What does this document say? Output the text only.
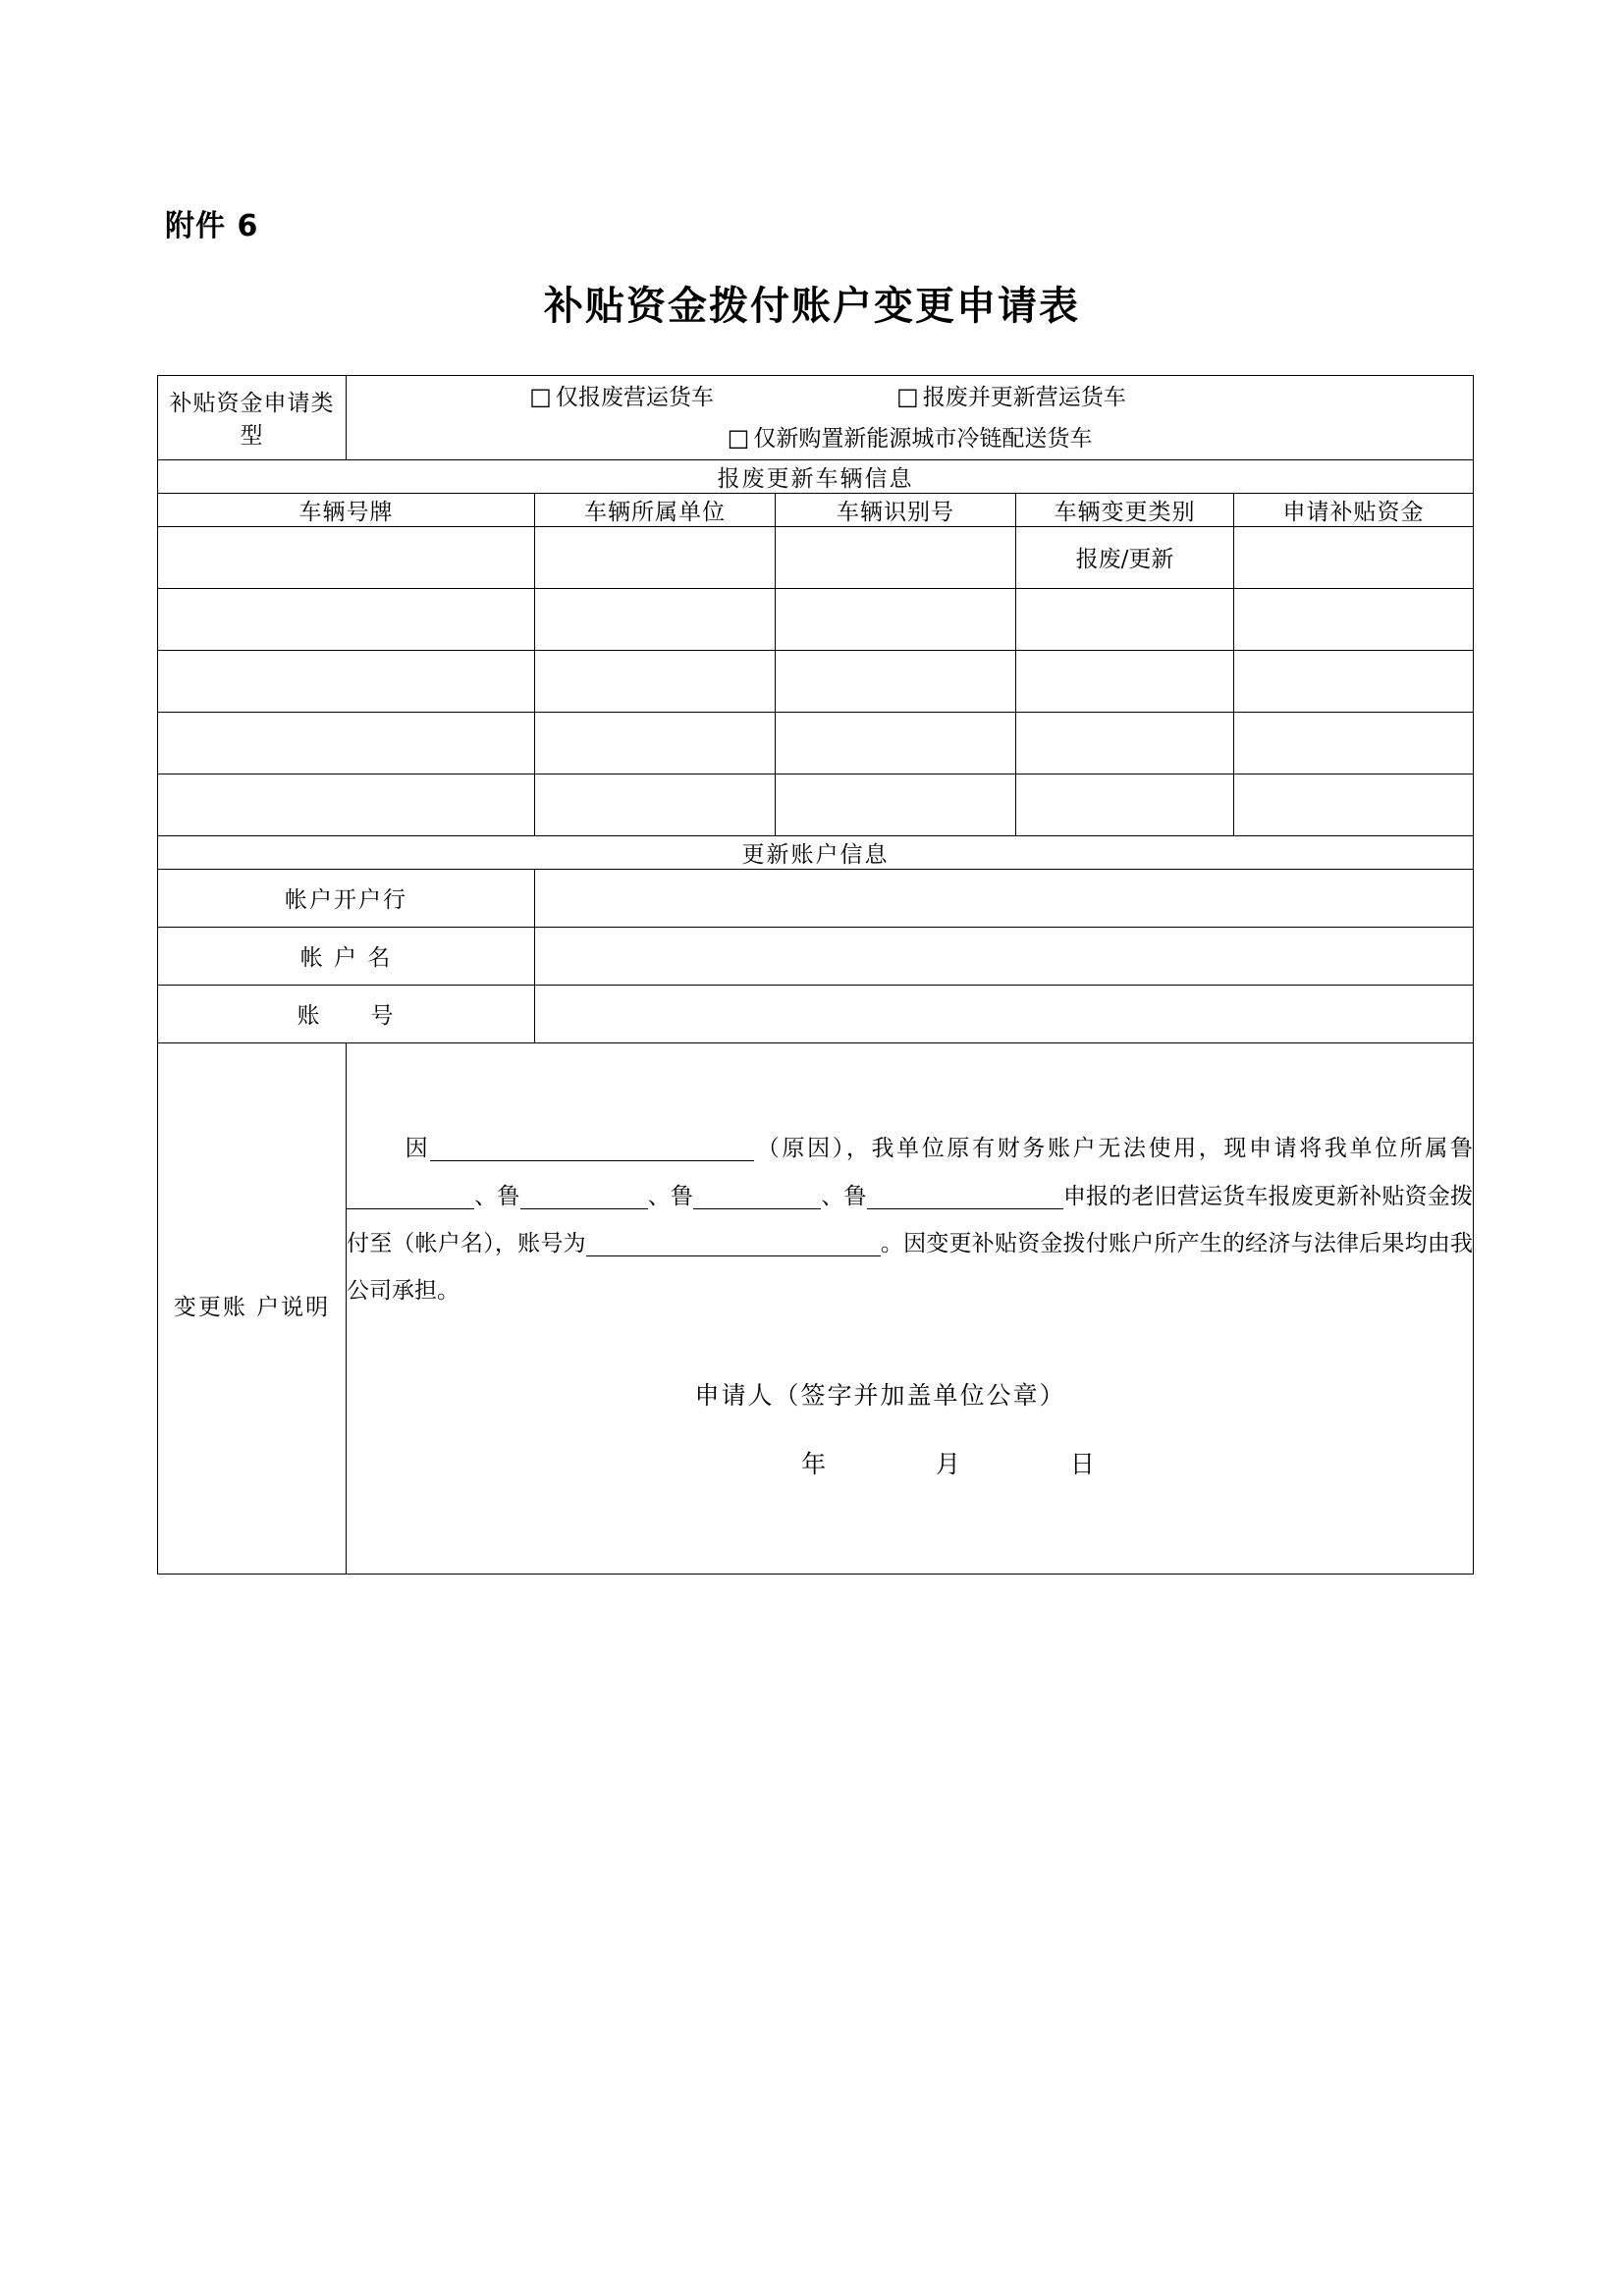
附件 6
补贴资金拨付账户变更申请表
补贴资金申请类型	□ 仅报废营运货车 □ 报废并更新营运货车
□ 仅新购置新能源城市冷链配送货车				

报废更新车辆信息					
车辆号牌		车辆所属单位	车辆识别号	车辆变更类别	申请补贴资金
				报废/更新	

更新账户信息					
帐户开户行					
帐 户 名					
账　　号					
变更账 户说明	因 （原因），我单位原有财务账户无法使用，现申请将我单位所属鲁、鲁 、鲁 、鲁 申报的老旧营运货车报废更新补贴资金拨付至（帐户名），账号为 。因变更补贴资金拨付账户所产生的经济与法律后果均由我公司承担。

申请人（签字并加盖单位公章）
年 月 日				
